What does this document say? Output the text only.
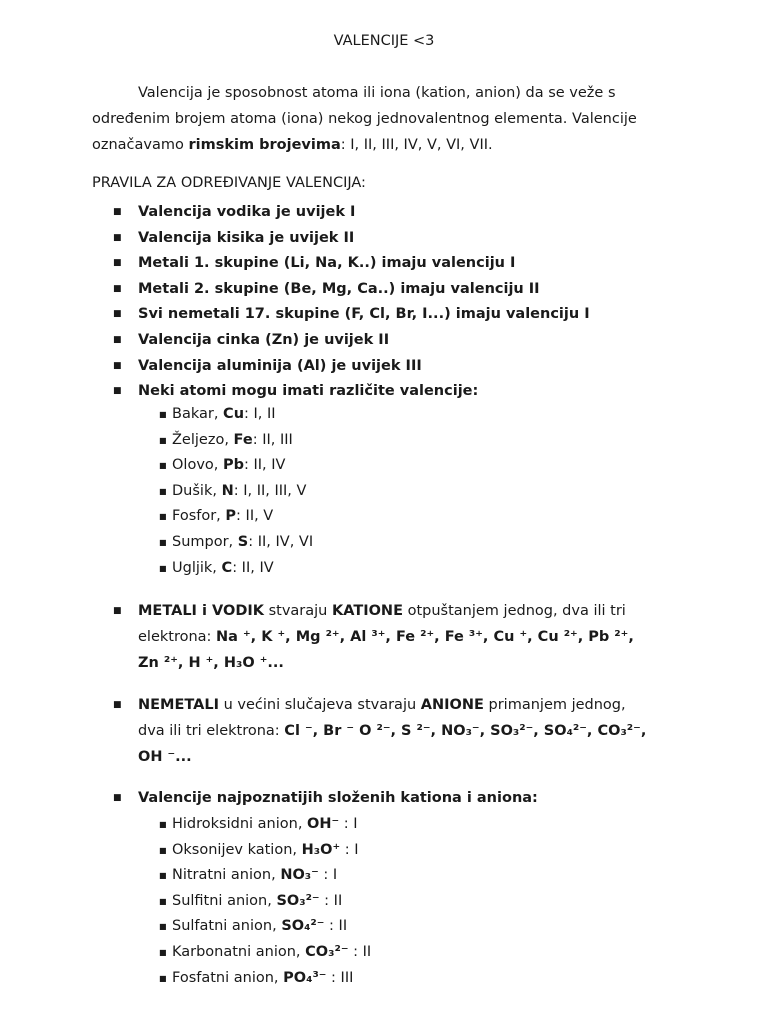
VALENCIJE <3
Valencija je sposobnost atoma ili iona (kation, anion) da se veže s
određenim brojem atoma (iona) nekog jednovalentnog elementa. Valencije
označavamo rimskim brojevima: I, II, III, IV, V, VI, VII.
PRAVILA ZA ODREĐIVANJE VALENCIJA:
■ Valencija vodika je uvijek I
■ Valencija kisika je uvijek II
■ Metali 1. skupine (Li, Na, K..) imaju valenciju I
■ Metali 2. skupine (Be, Mg, Ca..) imaju valenciju II
■ Svi nemetali 17. skupine (F, Cl, Br, I...) imaju valenciju I
■ Valencija cinka (Zn) je uvijek II
■ Valencija aluminija (Al) je uvijek III
■ Neki atomi mogu imati različite valencije:
■ Bakar, Cu: I, II
■ Željezo, Fe: II, III
■ Olovo, Pb: II, IV
■ Dušik, N: I, II, III, V
■ Fosfor, P: II, V
■ Sumpor, S: II, IV, VI
■ Ugljik, C: II, IV
■ METALI i VODIK stvaraju KATIONE otpuštanjem jednog, dva ili tri
elektrona: Na ⁺, K ⁺, Mg ²⁺, Al ³⁺, Fe ²⁺, Fe ³⁺, Cu ⁺, Cu ²⁺, Pb ²⁺,
Zn ²⁺, H ⁺, H₃O ⁺...
■ NEMETALI u većini slučajeva stvaraju ANIONE primanjem jednog,
dva ili tri elektrona: Cl ⁻, Br ⁻ O ²⁻, S ²⁻, NO₃⁻, SO₃²⁻, SO₄²⁻, CO₃²⁻,
OH ⁻...
■ Valencije najpoznatijih složenih kationa i aniona:
■ Hidroksidni anion, OH⁻ : I
■ Oksonijev kation, H₃O⁺ : I
■ Nitratni anion, NO₃⁻ : I
■ Sulfitni anion, SO₃²⁻ : II
■ Sulfatni anion, SO₄²⁻ : II
■ Karbonatni anion, CO₃²⁻ : II
■ Fosfatni anion, PO₄³⁻ : III
